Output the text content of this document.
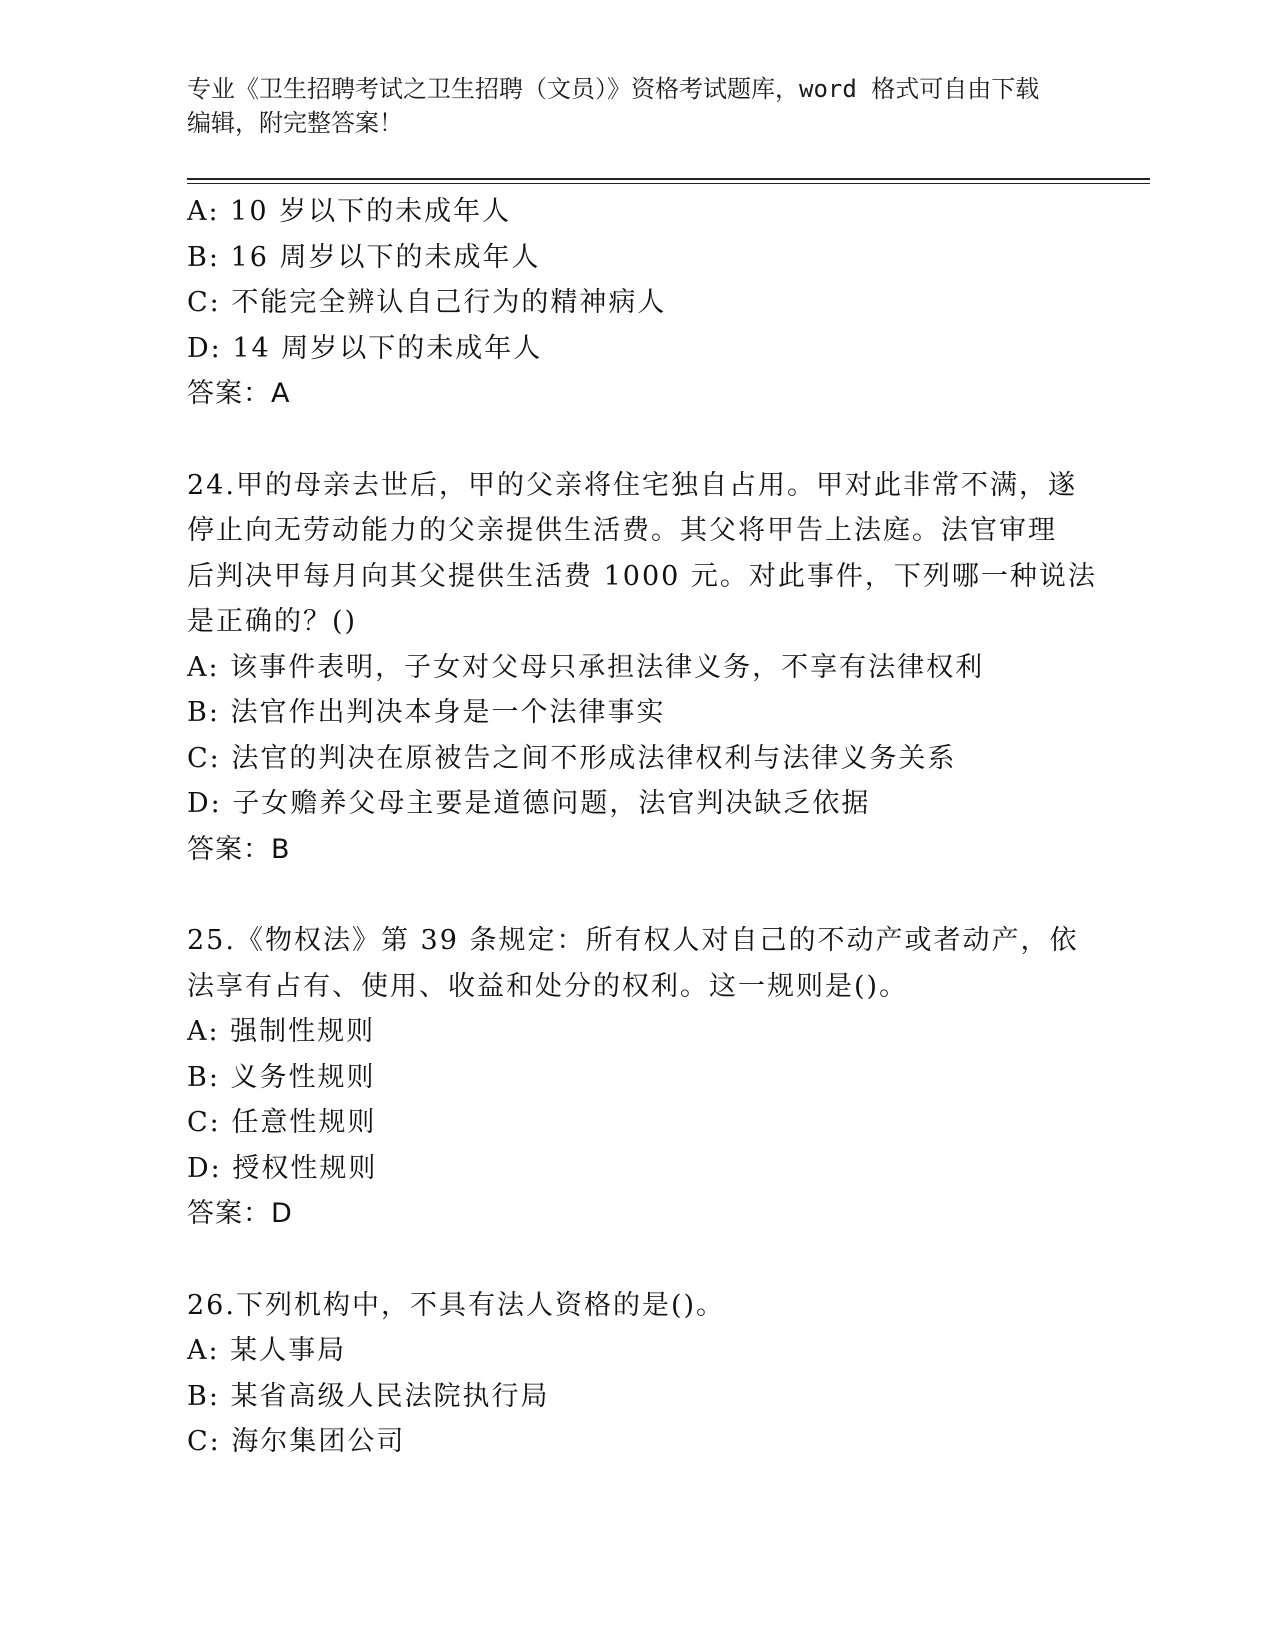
专业《卫生招聘考试之卫生招聘（文员）》资格考试题库，word 格式可自由下载
编辑，附完整答案！
A: 10 岁以下的未成年人
B: 16 周岁以下的未成年人
C: 不能完全辨认自己行为的精神病人
D: 14 周岁以下的未成年人
答案：A
24.甲的母亲去世后，甲的父亲将住宅独自占用。甲对此非常不满，遂
停止向无劳动能力的父亲提供生活费。其父将甲告上法庭。法官审理
后判决甲每月向其父提供生活费 1000 元。对此事件，下列哪一种说法
是正确的？()
A: 该事件表明，子女对父母只承担法律义务，不享有法律权利
B: 法官作出判决本身是一个法律事实
C: 法官的判决在原被告之间不形成法律权利与法律义务关系
D: 子女赡养父母主要是道德问题，法官判决缺乏依据
答案：B
25.《物权法》第 39 条规定：所有权人对自己的不动产或者动产，依
法享有占有、使用、收益和处分的权利。这一规则是()。
A: 强制性规则
B: 义务性规则
C: 任意性规则
D: 授权性规则
答案：D
26.下列机构中，不具有法人资格的是()。
A: 某人事局
B: 某省高级人民法院执行局
C: 海尔集团公司
